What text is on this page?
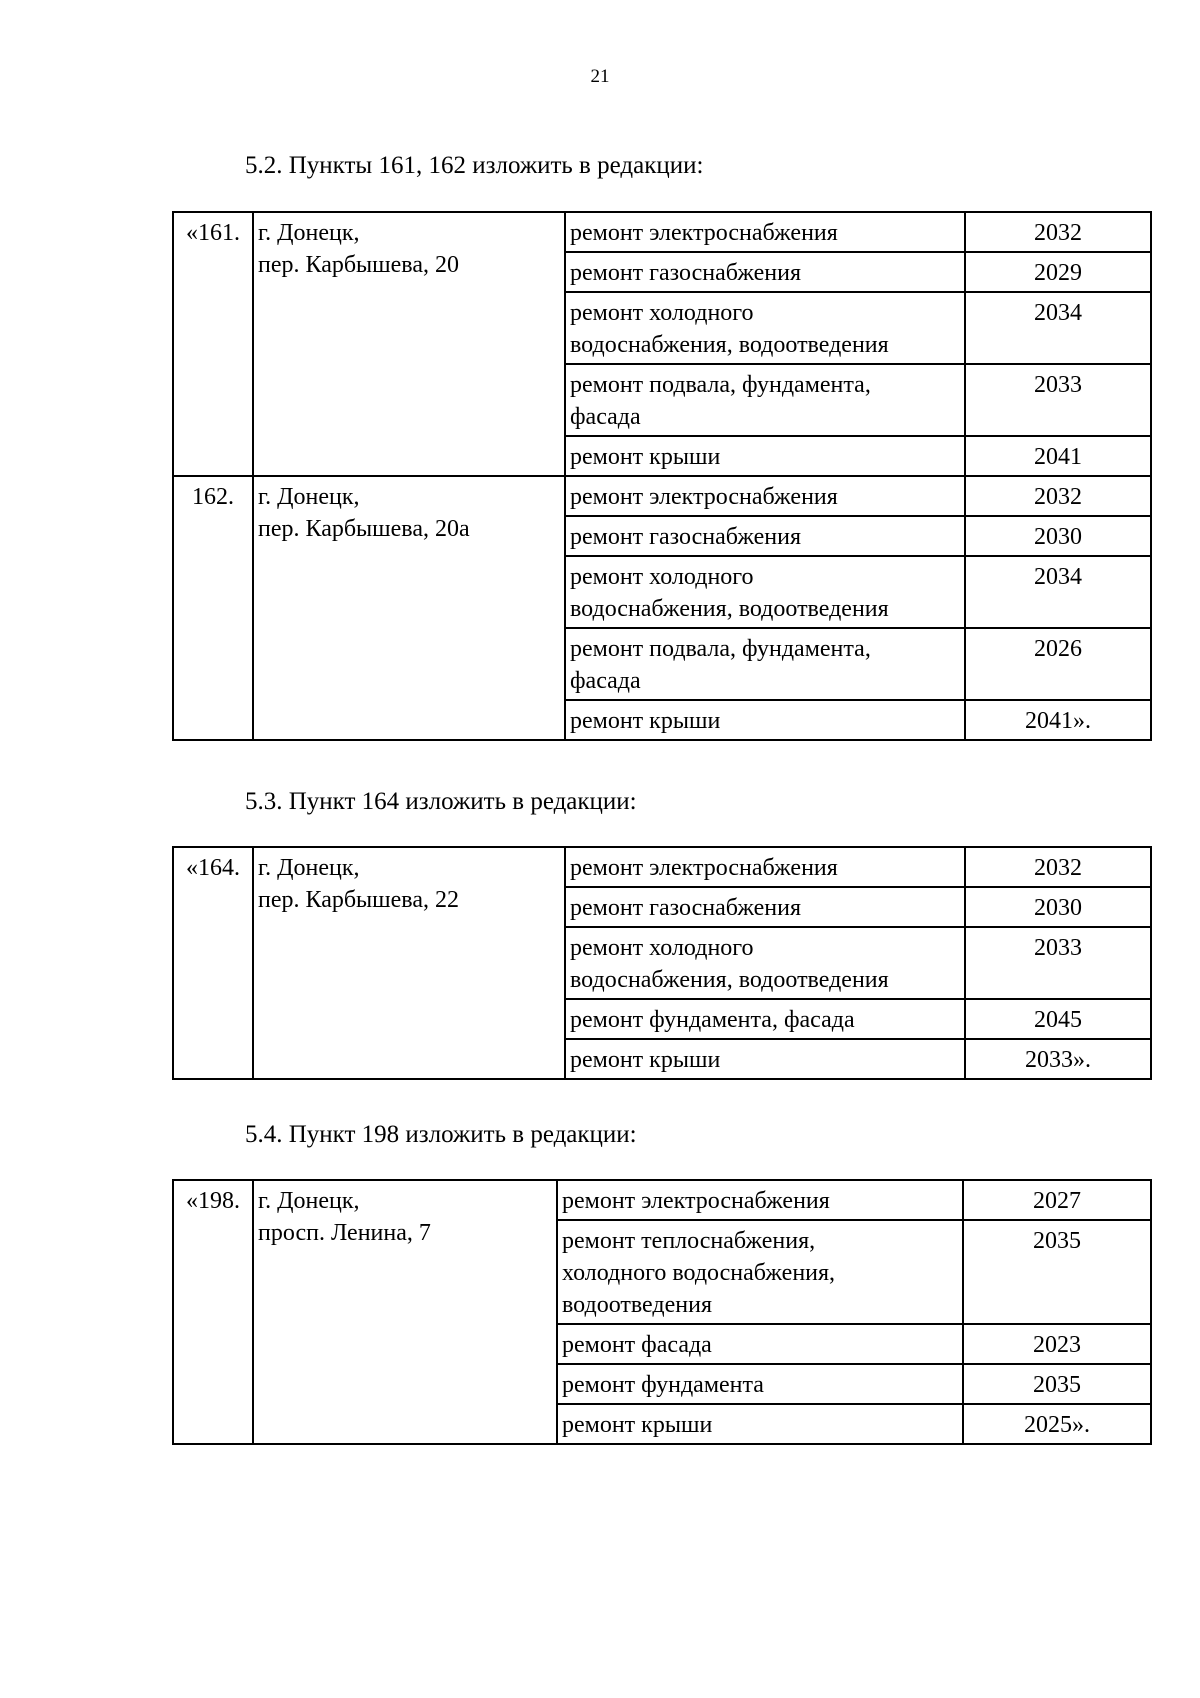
21
5.2. Пункты 161, 162 изложить в редакции:
«161.	г. Донецк,
пер. Карбышева, 20	ремонт электроснабжения	2032
		ремонт газоснабжения	2029
		ремонт холодного
водоснабжения, водоотведения	2034
		ремонт подвала, фундамента,
фасада	2033
		ремонт крыши	2041
162.	г. Донецк,
пер. Карбышева, 20а	ремонт электроснабжения	2032
		ремонт газоснабжения	2030
		ремонт холодного
водоснабжения, водоотведения	2034
		ремонт подвала, фундамента,
фасада	2026
		ремонт крыши	2041».
5.3. Пункт 164 изложить в редакции:
«164.	г. Донецк,
пер. Карбышева, 22	ремонт электроснабжения	2032
		ремонт газоснабжения	2030
		ремонт холодного
водоснабжения, водоотведения	2033
		ремонт фундамента, фасада	2045
		ремонт крыши	2033».
5.4. Пункт 198 изложить в редакции:
«198.	г. Донецк,
просп. Ленина, 7	ремонт электроснабжения	2027
		ремонт теплоснабжения,
холодного водоснабжения,
водоотведения	2035
		ремонт фасада	2023
		ремонт фундамента	2035
		ремонт крыши	2025».
